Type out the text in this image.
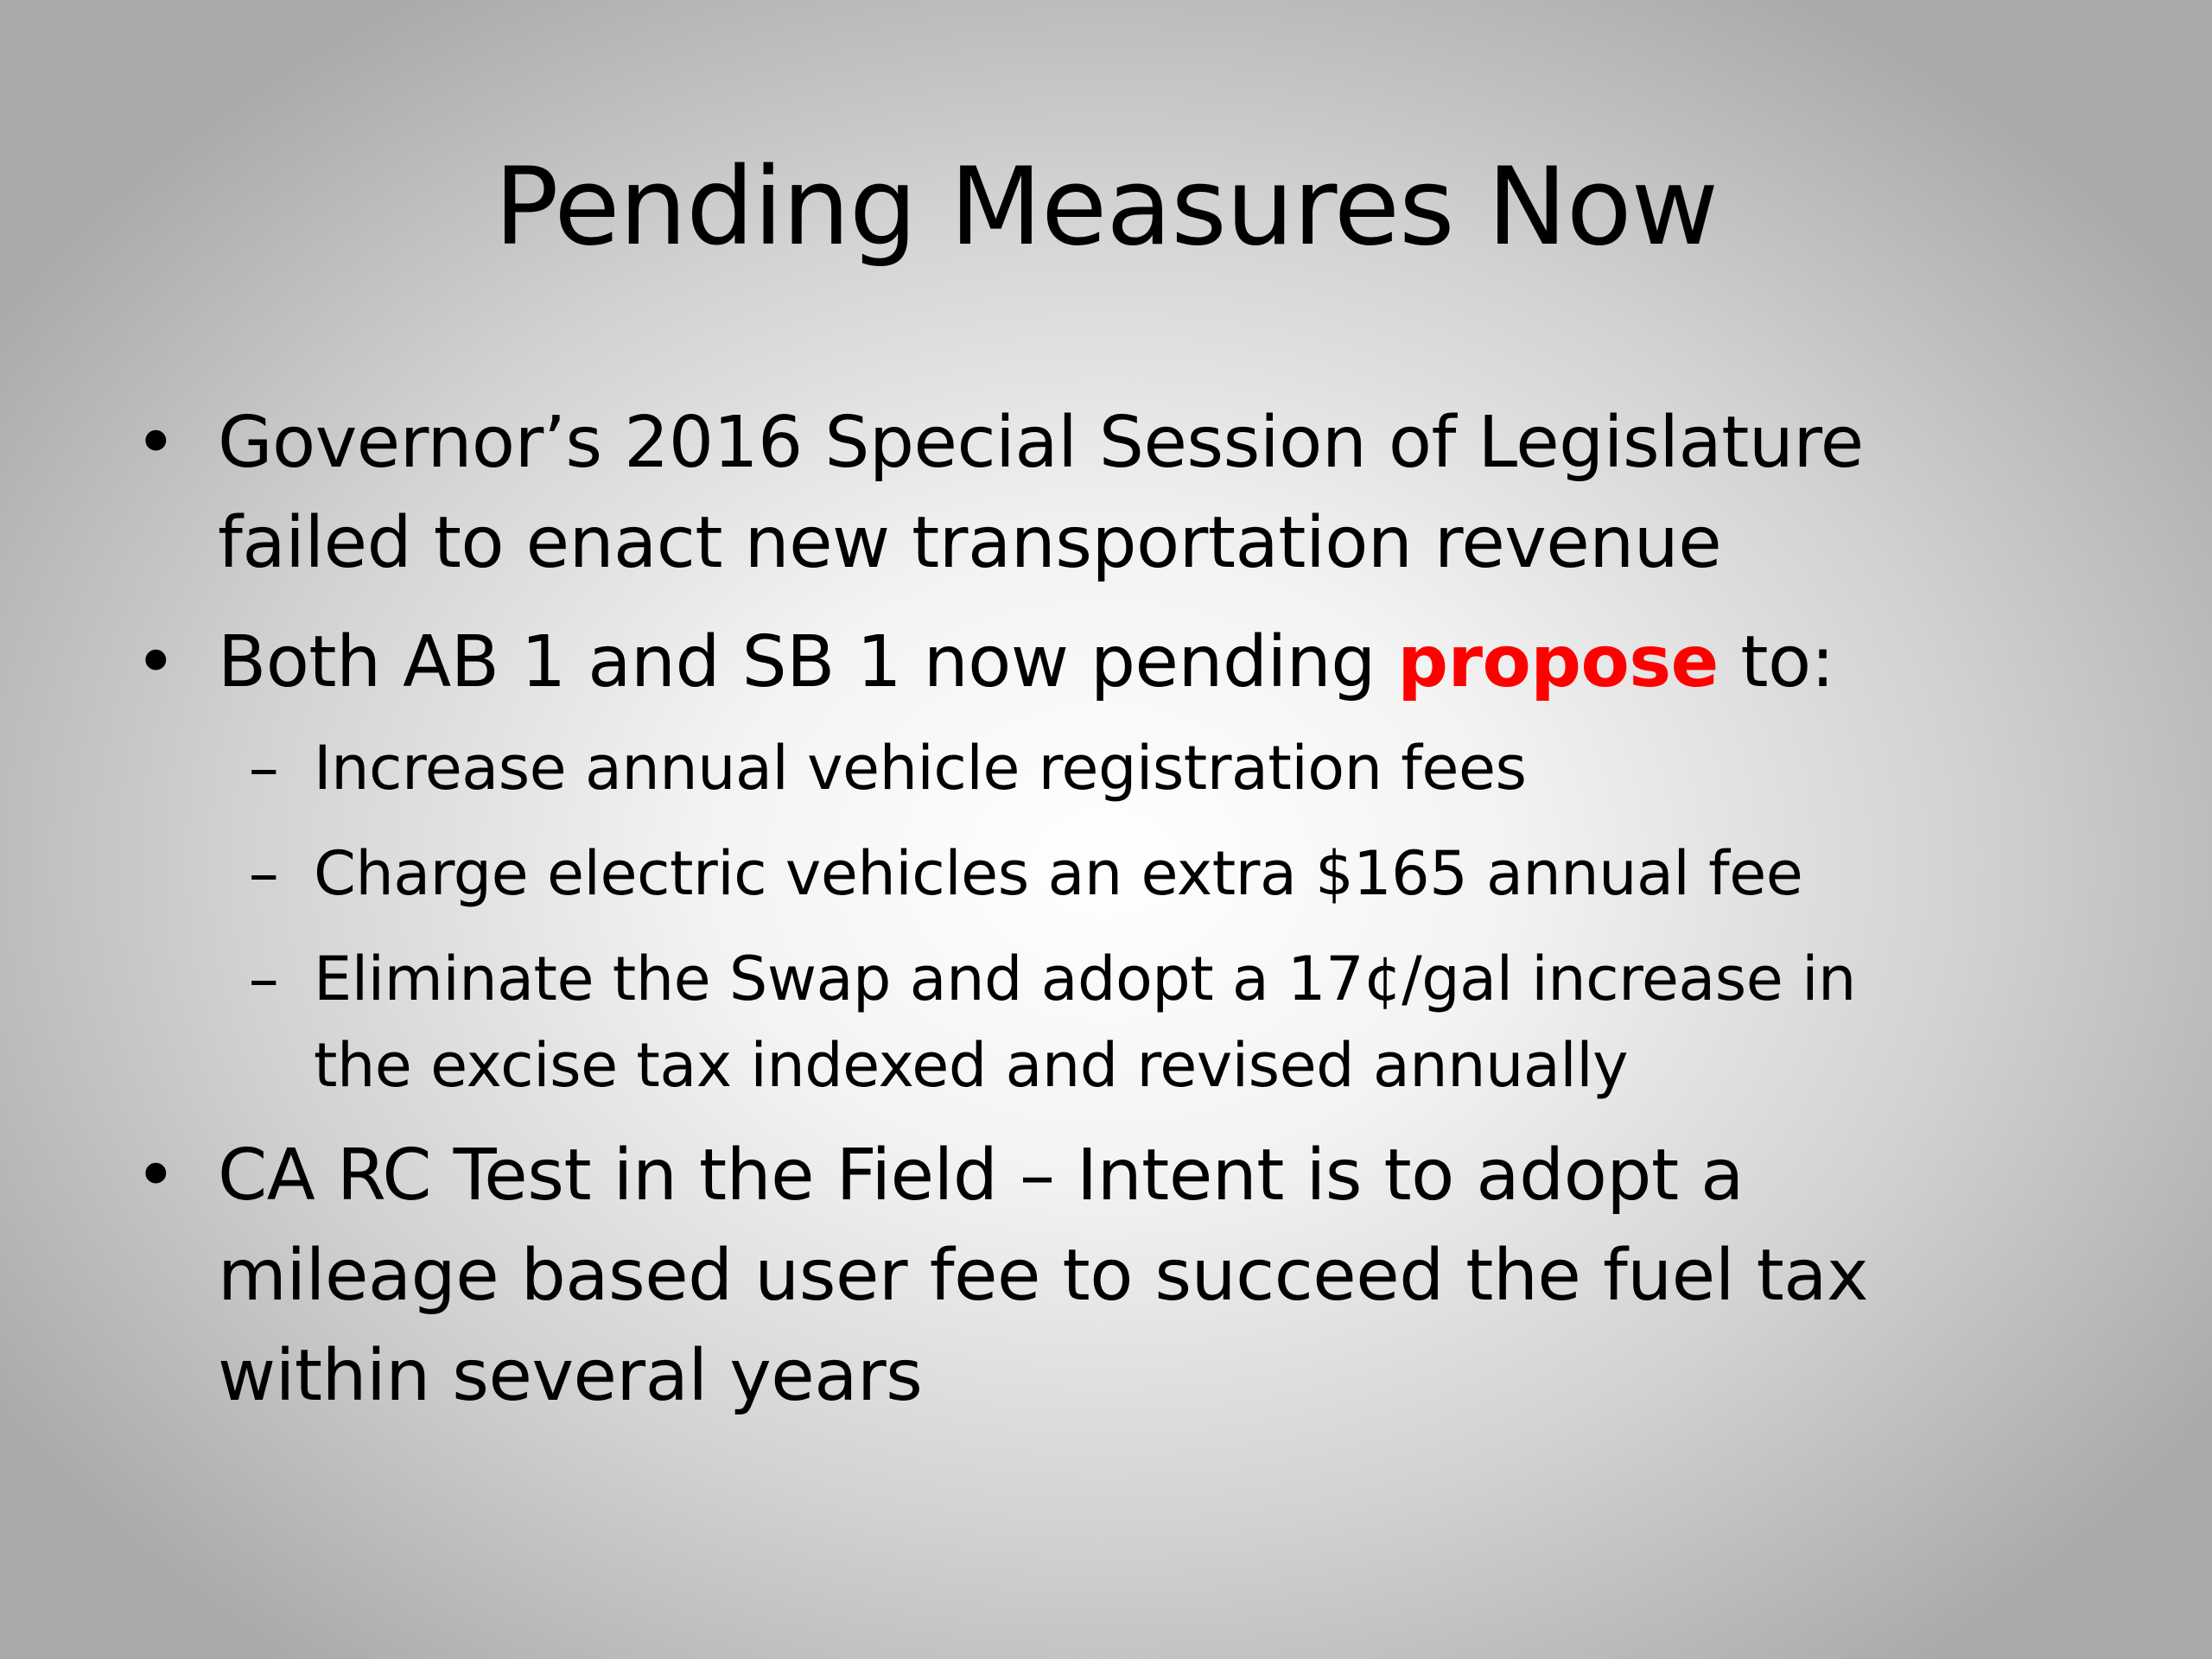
Pending Measures Now
• Governor’s 2016 Special Session of Legislature
failed to enact new transportation revenue
• Both AB 1 and SB 1 now pending propose to:
– Increase annual vehicle registration fees
– Charge electric vehicles an extra $165 annual fee
– Eliminate the Swap and adopt a 17¢/gal increase in
the excise tax indexed and revised annually
• CA RC Test in the Field – Intent is to adopt a
mileage based user fee to succeed the fuel tax
within several years
